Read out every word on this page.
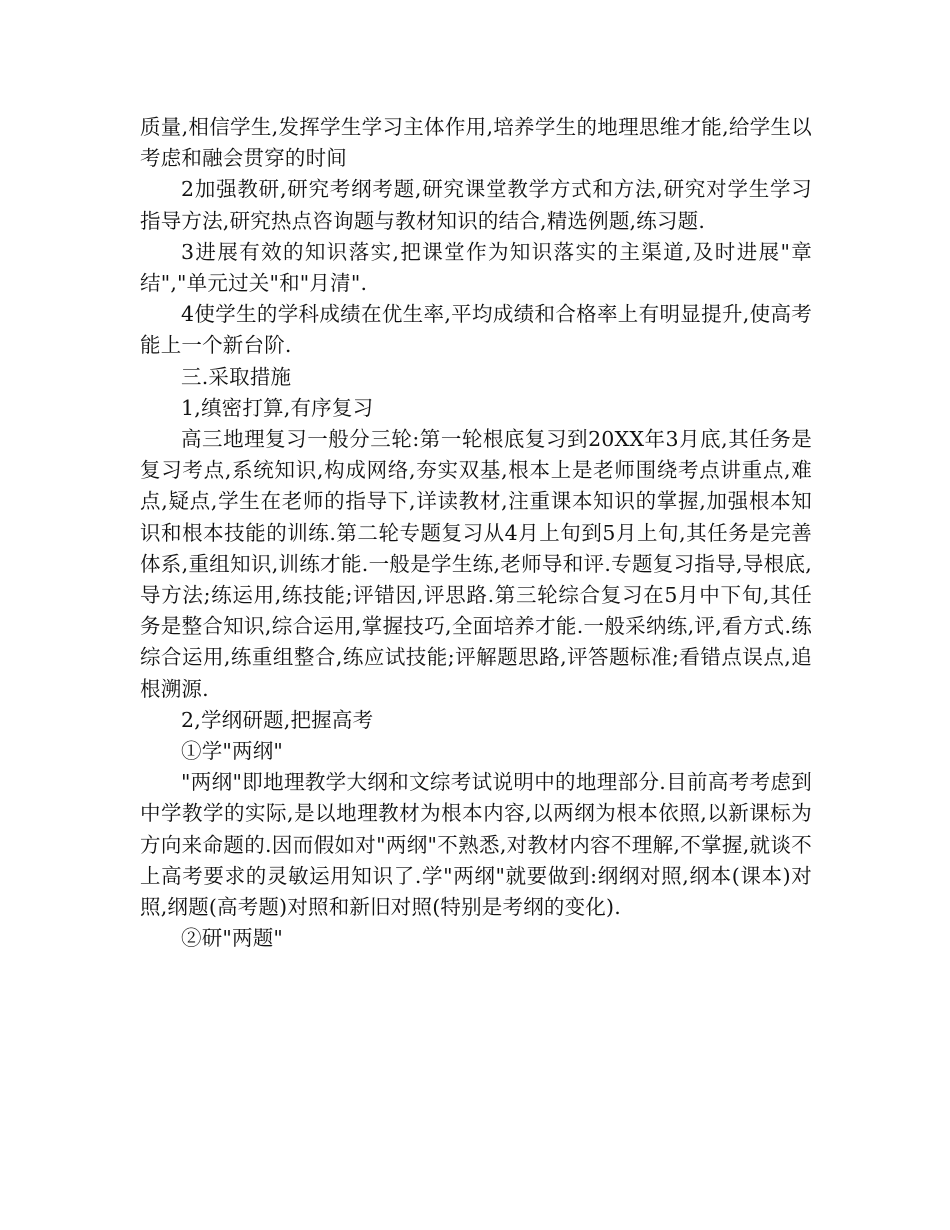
质量,相信学生,发挥学生学习主体作用,培养学生的地理思维才能,给学生以考虑和融会贯穿的时间

2加强教研,研究考纲考题,研究课堂教学方式和方法,研究对学生学习指导方法,研究热点咨询题与教材知识的结合,精选例题,练习题.

3进展有效的知识落实,把课堂作为知识落实的主渠道,及时进展"章结","单元过关"和"月清".

4使学生的学科成绩在优生率,平均成绩和合格率上有明显提升,使高考能上一个新台阶.

三.采取措施

1,缜密打算,有序复习

高三地理复习一般分三轮:第一轮根底复习到20XX年3月底,其任务是复习考点,系统知识,构成网络,夯实双基,根本上是老师围绕考点讲重点,难点,疑点,学生在老师的指导下,详读教材,注重课本知识的掌握,加强根本知识和根本技能的训练.第二轮专题复习从4月上旬到5月上旬,其任务是完善体系,重组知识,训练才能.一般是学生练,老师导和评.专题复习指导,导根底,导方法;练运用,练技能;评错因,评思路.第三轮综合复习在5月中下旬,其任务是整合知识,综合运用,掌握技巧,全面培养才能.一般采纳练,评,看方式.练综合运用,练重组整合,练应试技能;评解题思路,评答题标准;看错点误点,追根溯源.

2,学纲研题,把握高考

①学"两纲"

"两纲"即地理教学大纲和文综考试说明中的地理部分.目前高考考虑到中学教学的实际,是以地理教材为根本内容,以两纲为根本依照,以新课标为方向来命题的.因而假如对"两纲"不熟悉,对教材内容不理解,不掌握,就谈不上高考要求的灵敏运用知识了.学"两纲"就要做到:纲纲对照,纲本(课本)对照,纲题(高考题)对照和新旧对照(特别是考纲的变化).

②研"两题"
